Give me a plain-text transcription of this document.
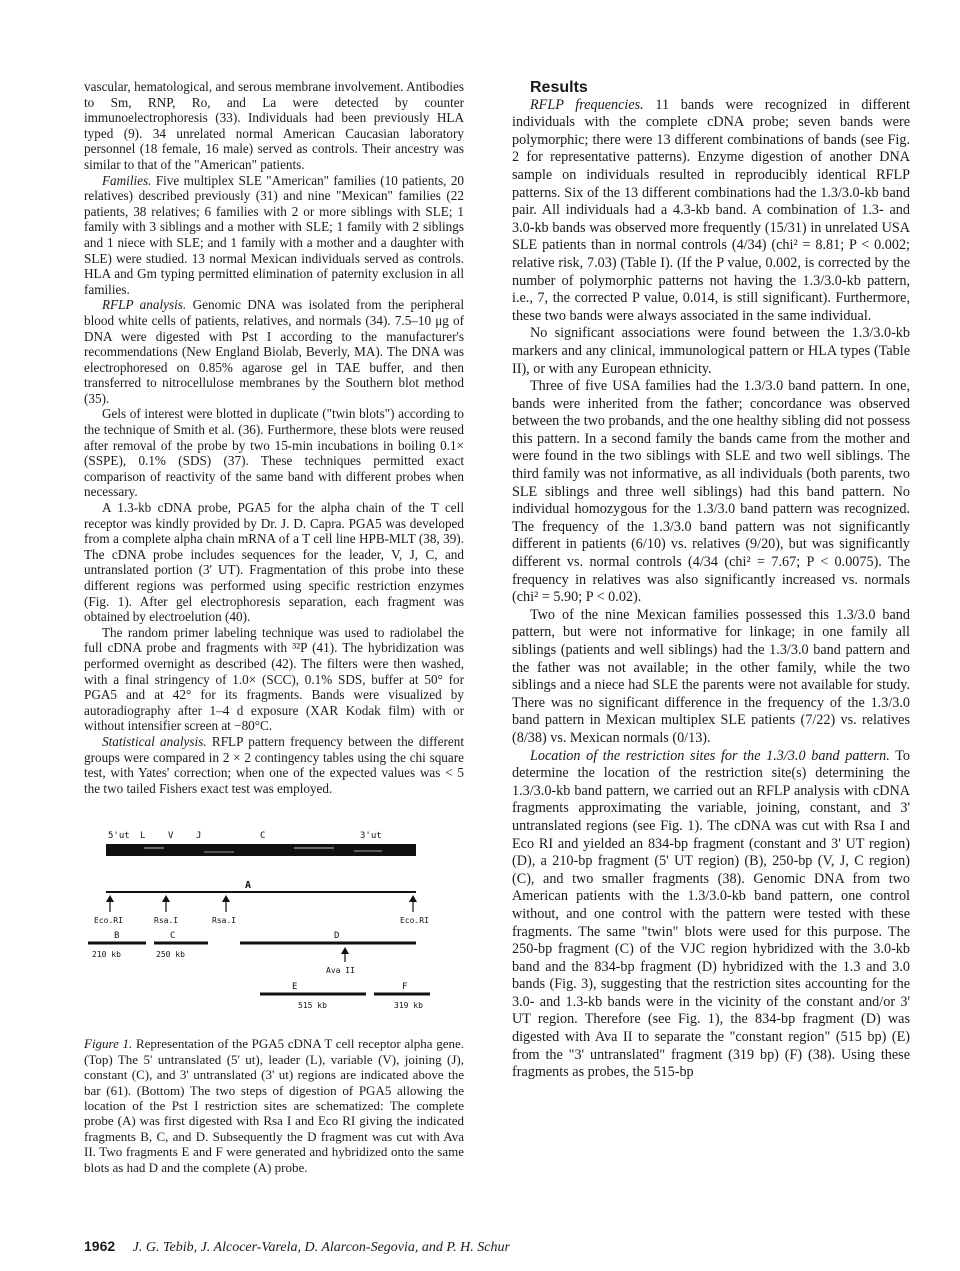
vascular, hematological, and serous membrane involvement. Antibodies to Sm, RNP, Ro, and La were detected by counter immunoelectrophoresis (33). Individuals had been previously HLA typed (9). 34 unrelated normal American Caucasian laboratory personnel (18 female, 16 male) served as controls. Their ancestry was similar to that of the "American" patients.

Families. Five multiplex SLE "American" families (10 patients, 20 relatives) described previously (31) and nine "Mexican" families (22 patients, 38 relatives; 6 families with 2 or more siblings with SLE; 1 family with 3 siblings and a mother with SLE; 1 family with 2 siblings and 1 niece with SLE; and 1 family with a mother and a daughter with SLE) were studied. 13 normal Mexican individuals served as controls. HLA and Gm typing permitted elimination of paternity exclusion in all families.

RFLP analysis. Genomic DNA was isolated from the peripheral blood white cells of patients, relatives, and normals (34). 7.5–10 μg of DNA were digested with Pst I according to the manufacturer's recommendations (New England Biolab, Beverly, MA). The DNA was electrophoresed on 0.85% agarose gel in TAE buffer, and then transferred to nitrocellulose membranes by the Southern blot method (35).

Gels of interest were blotted in duplicate ("twin blots") according to the technique of Smith et al. (36). Furthermore, these blots were reused after removal of the probe by two 15-min incubations in boiling 0.1× (SSPE), 0.1% (SDS) (37). These techniques permitted exact comparison of reactivity of the same band with different probes when necessary.

A 1.3-kb cDNA probe, PGA5 for the alpha chain of the T cell receptor was kindly provided by Dr. J. D. Capra. PGA5 was developed from a complete alpha chain mRNA of a T cell line HPB-MLT (38, 39). The cDNA probe includes sequences for the leader, V, J, C, and untranslated portion (3' UT). Fragmentation of this probe into these different regions was performed using specific restriction enzymes (Fig. 1). After gel electrophoresis separation, each fragment was obtained by electroelution (40).

The random primer labeling technique was used to radiolabel the full cDNA probe and fragments with ³²P (41). The hybridization was performed overnight as described (42). The filters were then washed, with a final stringency of 1.0× (SCC), 0.1% SDS, buffer at 50° for PGA5 and at 42° for its fragments. Bands were visualized by autoradiography after 1–4 d exposure (XAR Kodak film) with or without intensifier screen at −80°C.

Statistical analysis. RFLP pattern frequency between the different groups were compared in 2 × 2 contingency tables using the chi square test, with Yates' correction; when one of the expected values was < 5 the two tailed Fishers exact test was employed.

5'ut L	V	J	C	3'ut
A
Eco.RI	Rsa.I	Rsa.I	Eco.RI
B
210 kb
C
250 kb
D
Ava II
E
515 kb
F
319 kb

Figure 1. Representation of the PGA5 cDNA T cell receptor alpha gene. (Top) The 5' untranslated (5' ut), leader (L), variable (V), joining (J), constant (C), and 3' untranslated (3' ut) regions are indicated above the bar (61). (Bottom) The two steps of digestion of PGA5 allowing the location of the Pst I restriction sites are schematized: The complete probe (A) was first digested with Rsa I and Eco RI giving the indicated fragments B, C, and D. Subsequently the D fragment was cut with Ava II. Two fragments E and F were generated and hybridized onto the same blots as had D and the complete (A) probe.

Results

RFLP frequencies. 11 bands were recognized in different individuals with the complete cDNA probe; seven bands were polymorphic; there were 13 different combinations of bands (see Fig. 2 for representative patterns). Enzyme digestion of another DNA sample on individuals resulted in reproducibly identical RFLP patterns. Six of the 13 different combinations had the 1.3/3.0-kb band pair. All individuals had a 4.3-kb band. A combination of 1.3- and 3.0-kb bands was observed more frequently (15/31) in unrelated USA SLE patients than in normal controls (4/34) (chi² = 8.81; P < 0.002; relative risk, 7.03) (Table I). (If the P value, 0.002, is corrected by the number of polymorphic patterns not having the 1.3/3.0-kb pattern, i.e., 7, the corrected P value, 0.014, is still significant). Furthermore, these two bands were always associated in the same individual.

No significant associations were found between the 1.3/3.0-kb markers and any clinical, immunological pattern or HLA types (Table II), or with any European ethnicity.

Three of five USA families had the 1.3/3.0 band pattern. In one, bands were inherited from the father; concordance was observed between the two probands, and the one healthy sibling did not possess this pattern. In a second family the bands came from the mother and were found in the two siblings with SLE and two well siblings. The third family was not informative, as all individuals (both parents, two SLE siblings and three well siblings) had this band pattern. No individual homozygous for the 1.3/3.0 band pattern was recognized. The frequency of the 1.3/3.0 band pattern was not significantly different in patients (6/10) vs. relatives (9/20), but was significantly different vs. normal controls (4/34 (chi² = 7.67; P < 0.0075). The frequency in relatives was also significantly increased vs. normals (chi² = 5.90; P < 0.02).

Two of the nine Mexican families possessed this 1.3/3.0 band pattern, but were not informative for linkage; in one family all siblings (patients and well siblings) had the 1.3/3.0 band pattern and the father was not available; in the other family, while the two siblings and a niece had SLE the parents were not available for study. There was no significant difference in the frequency of the 1.3/3.0 band pattern in Mexican multiplex SLE patients (7/22) vs. relatives (8/38) vs. Mexican normals (0/13).

Location of the restriction sites for the 1.3/3.0 band pattern. To determine the location of the restriction site(s) determining the 1.3/3.0-kb band pattern, we carried out an RFLP analysis with cDNA fragments approximating the variable, joining, constant, and 3' untranslated regions (see Fig. 1). The cDNA was cut with Rsa I and Eco RI and yielded an 834-bp fragment (constant and 3' UT region) (D), a 210-bp fragment (5' UT region) (B), 250-bp (V, J, C region) (C), and two smaller fragments (38). Genomic DNA from two American patients with the 1.3/3.0-kb band pattern, one control without, and one control with the pattern were tested with these fragments. The same "twin" blots were used for this purpose. The 250-bp fragment (C) of the VJC region hybridized with the 3.0-kb band and the 834-bp fragment (D) hybridized with the 1.3 and 3.0 bands (Fig. 3), suggesting that the restriction sites accounting for the 3.0- and 1.3-kb bands were in the vicinity of the constant and/or 3' UT region. Therefore (see Fig. 1), the 834-bp fragment (D) was digested with Ava II to separate the "constant region" (515 bp) (E) from the "3' untranslated" fragment (319 bp) (F) (38). Using these fragments as probes, the 515-bp

1962 J. G. Tebib, J. Alcocer-Varela, D. Alarcon-Segovia, and P. H. Schur
